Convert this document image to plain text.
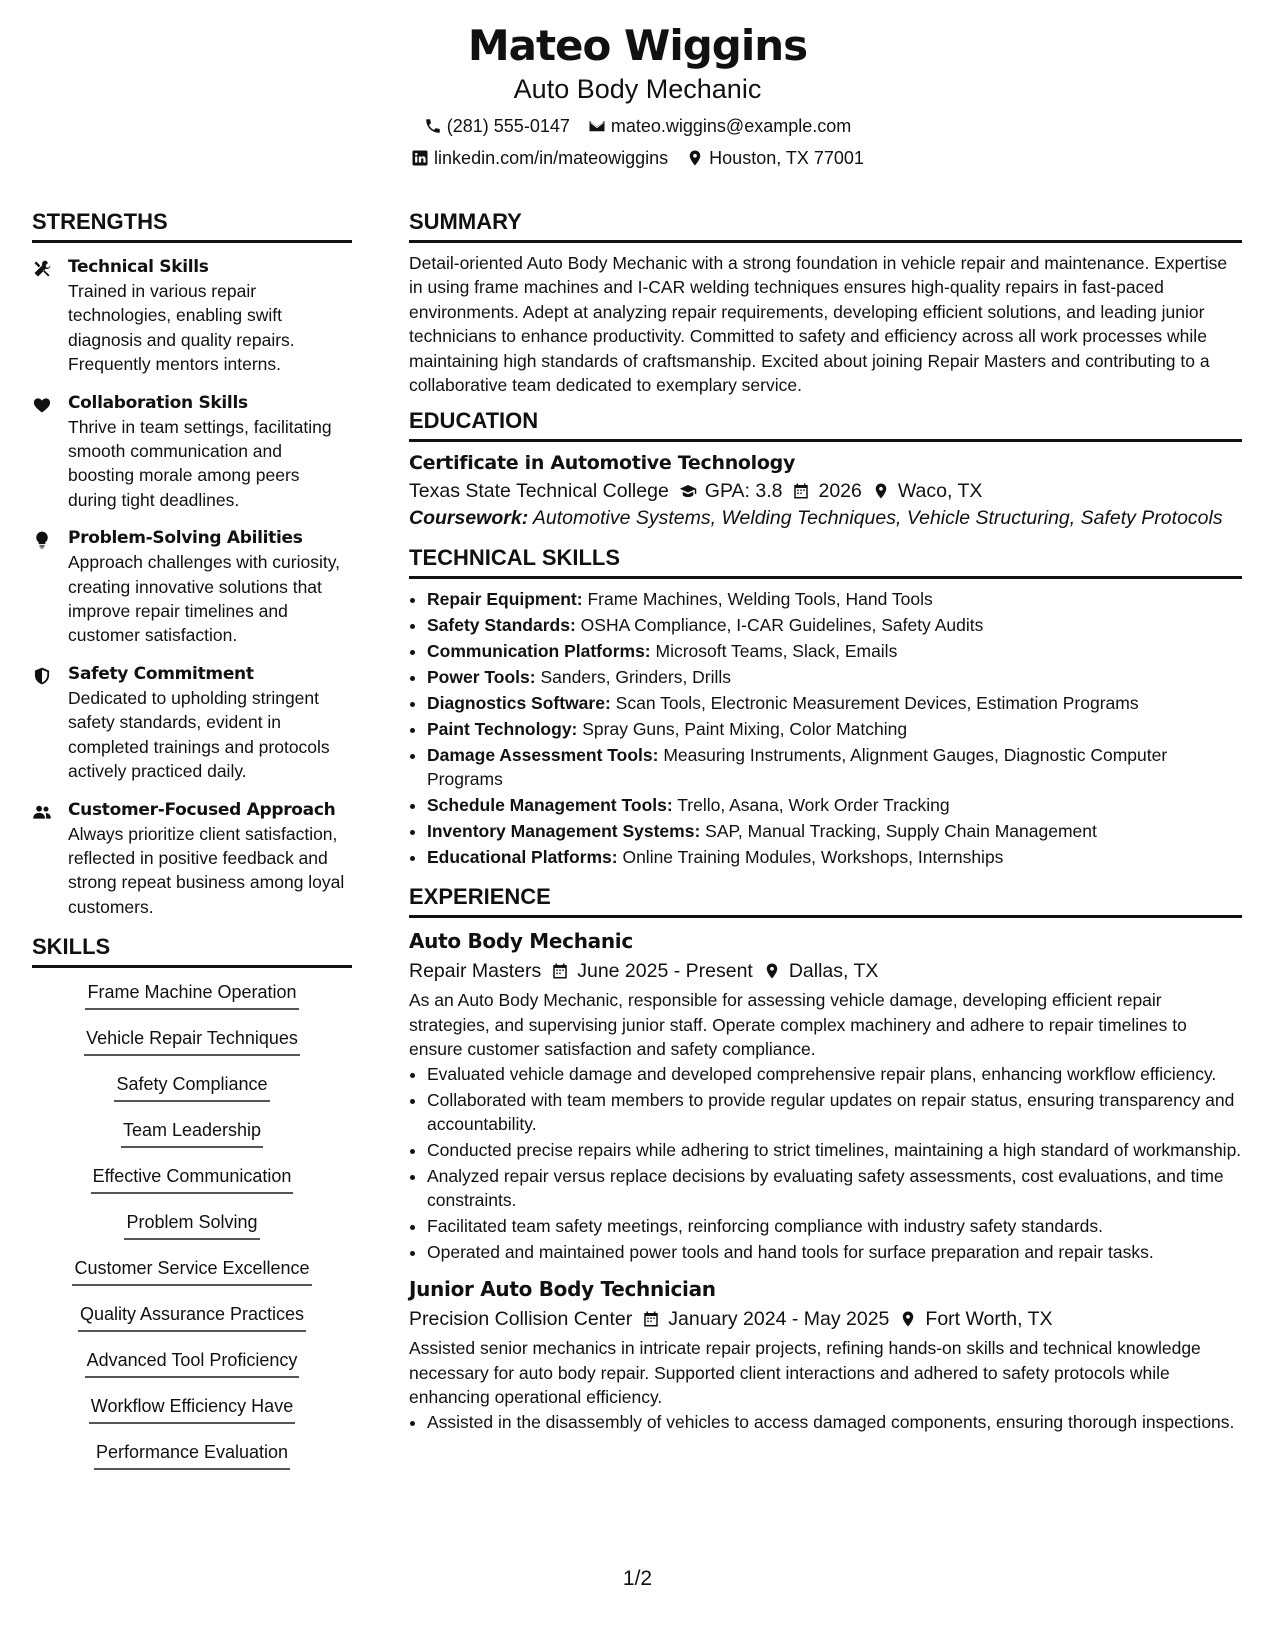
Mateo Wiggins
Auto Body Mechanic
(281) 555-0147 mateo.wiggins@example.com
linkedin.com/in/mateowiggins Houston, TX 77001
STRENGTHS
Technical Skills
Trained in various repair technologies, enabling swift diagnosis and quality repairs. Frequently mentors interns.
Collaboration Skills
Thrive in team settings, facilitating smooth communication and boosting morale among peers during tight deadlines.
Problem-Solving Abilities
Approach challenges with curiosity, creating innovative solutions that improve repair timelines and customer satisfaction.
Safety Commitment
Dedicated to upholding stringent safety standards, evident in completed trainings and protocols actively practiced daily.
Customer-Focused Approach
Always prioritize client satisfaction, reflected in positive feedback and strong repeat business among loyal customers.
SKILLS
Frame Machine Operation
Vehicle Repair Techniques
Safety Compliance
Team Leadership
Effective Communication
Problem Solving
Customer Service Excellence
Quality Assurance Practices
Advanced Tool Proficiency
Workflow Efficiency Have
Performance Evaluation
SUMMARY

Detail-oriented Auto Body Mechanic with a strong foundation in vehicle repair and maintenance. Expertise in using frame machines and I-CAR welding techniques ensures high-quality repairs in fast-paced environments. Adept at analyzing repair requirements, developing efficient solutions, and leading junior technicians to enhance productivity. Committed to safety and efficiency across all work processes while maintaining high standards of craftsmanship. Excited about joining Repair Masters and contributing to a collaborative team dedicated to exemplary service.

EDUCATION
Certificate in Automotive Technology
Texas State Technical College GPA: 3.8 2026 Waco, TX
Coursework: Automotive Systems, Welding Techniques, Vehicle Structuring, Safety Protocols
TECHNICAL SKILLS
• Repair Equipment: Frame Machines, Welding Tools, Hand Tools
• Safety Standards: OSHA Compliance, I-CAR Guidelines, Safety Audits
• Communication Platforms: Microsoft Teams, Slack, Emails
• Power Tools: Sanders, Grinders, Drills
• Diagnostics Software: Scan Tools, Electronic Measurement Devices, Estimation Programs
• Paint Technology: Spray Guns, Paint Mixing, Color Matching
• Damage Assessment Tools: Measuring Instruments, Alignment Gauges, Diagnostic Computer Programs
• Schedule Management Tools: Trello, Asana, Work Order Tracking
• Inventory Management Systems: SAP, Manual Tracking, Supply Chain Management
• Educational Platforms: Online Training Modules, Workshops, Internships
EXPERIENCE
Auto Body Mechanic
Repair Masters June 2025 - Present Dallas, TX
As an Auto Body Mechanic, responsible for assessing vehicle damage, developing efficient repair strategies, and supervising junior staff. Operate complex machinery and adhere to repair timelines to ensure customer satisfaction and safety compliance.
• Evaluated vehicle damage and developed comprehensive repair plans, enhancing workflow efficiency.
• Collaborated with team members to provide regular updates on repair status, ensuring transparency and accountability.
• Conducted precise repairs while adhering to strict timelines, maintaining a high standard of workmanship.
• Analyzed repair versus replace decisions by evaluating safety assessments, cost evaluations, and time constraints.
• Facilitated team safety meetings, reinforcing compliance with industry safety standards.
• Operated and maintained power tools and hand tools for surface preparation and repair tasks.
Junior Auto Body Technician
Precision Collision Center January 2024 - May 2025 Fort Worth, TX
Assisted senior mechanics in intricate repair projects, refining hands-on skills and technical knowledge necessary for auto body repair. Supported client interactions and adhered to safety protocols while enhancing operational efficiency.
• Assisted in the disassembly of vehicles to access damaged components, ensuring thorough inspections.
1/2
